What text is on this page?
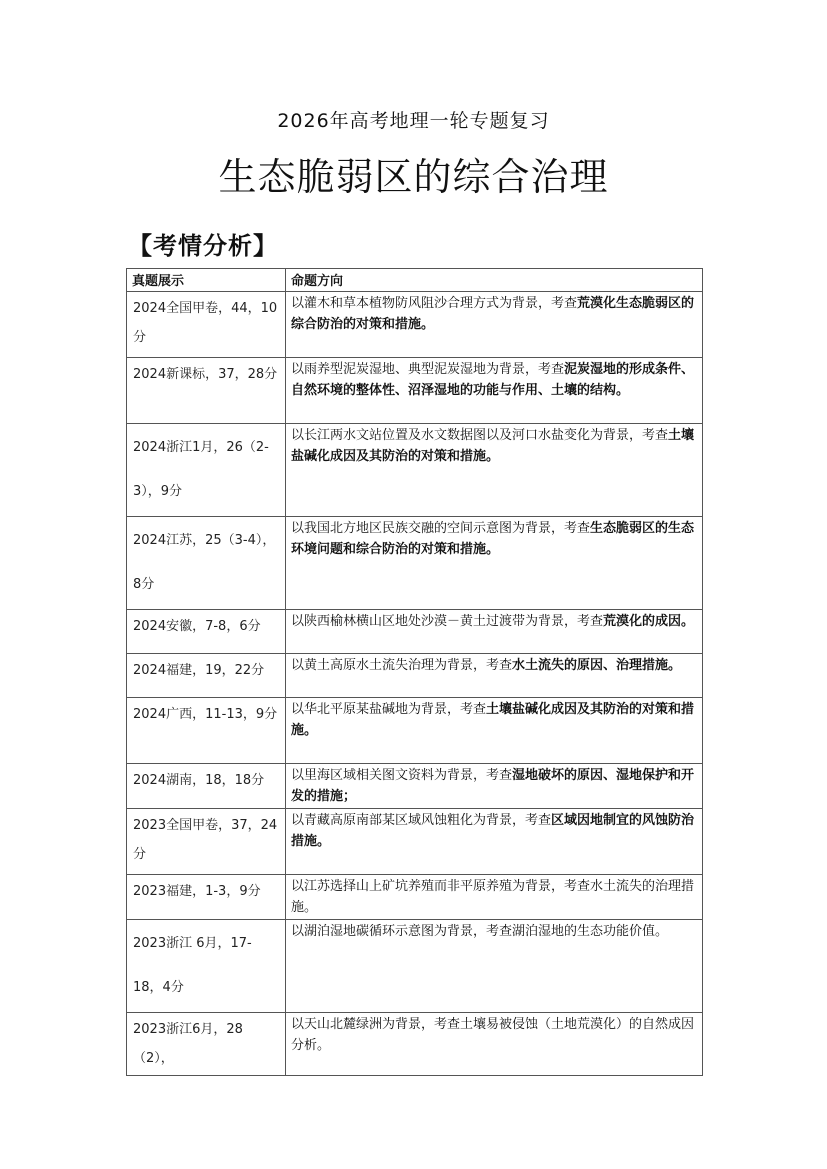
2026年高考地理一轮专题复习
生态脆弱区的综合治理
【考情分析】
真题展示	命题方向
2024全国甲卷，44，10分	以灌木和草本植物防风阻沙合理方式为背景，考查荒漠化生态脆弱区的综合防治的对策和措施。
2024新课标，37，28分	以雨养型泥炭湿地、典型泥炭湿地为背景，考查泥炭湿地的形成条件、自然环境的整体性、沼泽湿地的功能与作用、土壤的结构。
2024浙江1月，26（2-3），9分	以长江两水文站位置及水文数据图以及河口水盐变化为背景，考查土壤盐碱化成因及其防治的对策和措施。
2024江苏，25（3-4），8分	以我国北方地区民族交融的空间示意图为背景，考查生态脆弱区的生态环境问题和综合防治的对策和措施。
2024安徽，7-8，6分	以陕西榆林横山区地处沙漠－黄土过渡带为背景，考查荒漠化的成因。
2024福建，19，22分	以黄土高原水土流失治理为背景，考查水土流失的原因、治理措施。
2024广西，11-13，9分	以华北平原某盐碱地为背景，考查土壤盐碱化成因及其防治的对策和措施。
2024湖南，18，18分	以里海区域相关图文资料为背景，考查湿地破坏的原因、湿地保护和开发的措施；
2023全国甲卷，37，24分	以青藏高原南部某区域风蚀粗化为背景，考查区域因地制宜的风蚀防治措施。
2023福建，1-3，9分	以江苏选择山上矿坑养殖而非平原养殖为背景，考查水土流失的治理措施。
2023浙江 6月，17-18，4分	以湖泊湿地碳循环示意图为背景，考查湖泊湿地的生态功能价值。
2023浙江6月，28（2），	以天山北麓绿洲为背景，考查土壤易被侵蚀（土地荒漠化）的自然成因分析。
